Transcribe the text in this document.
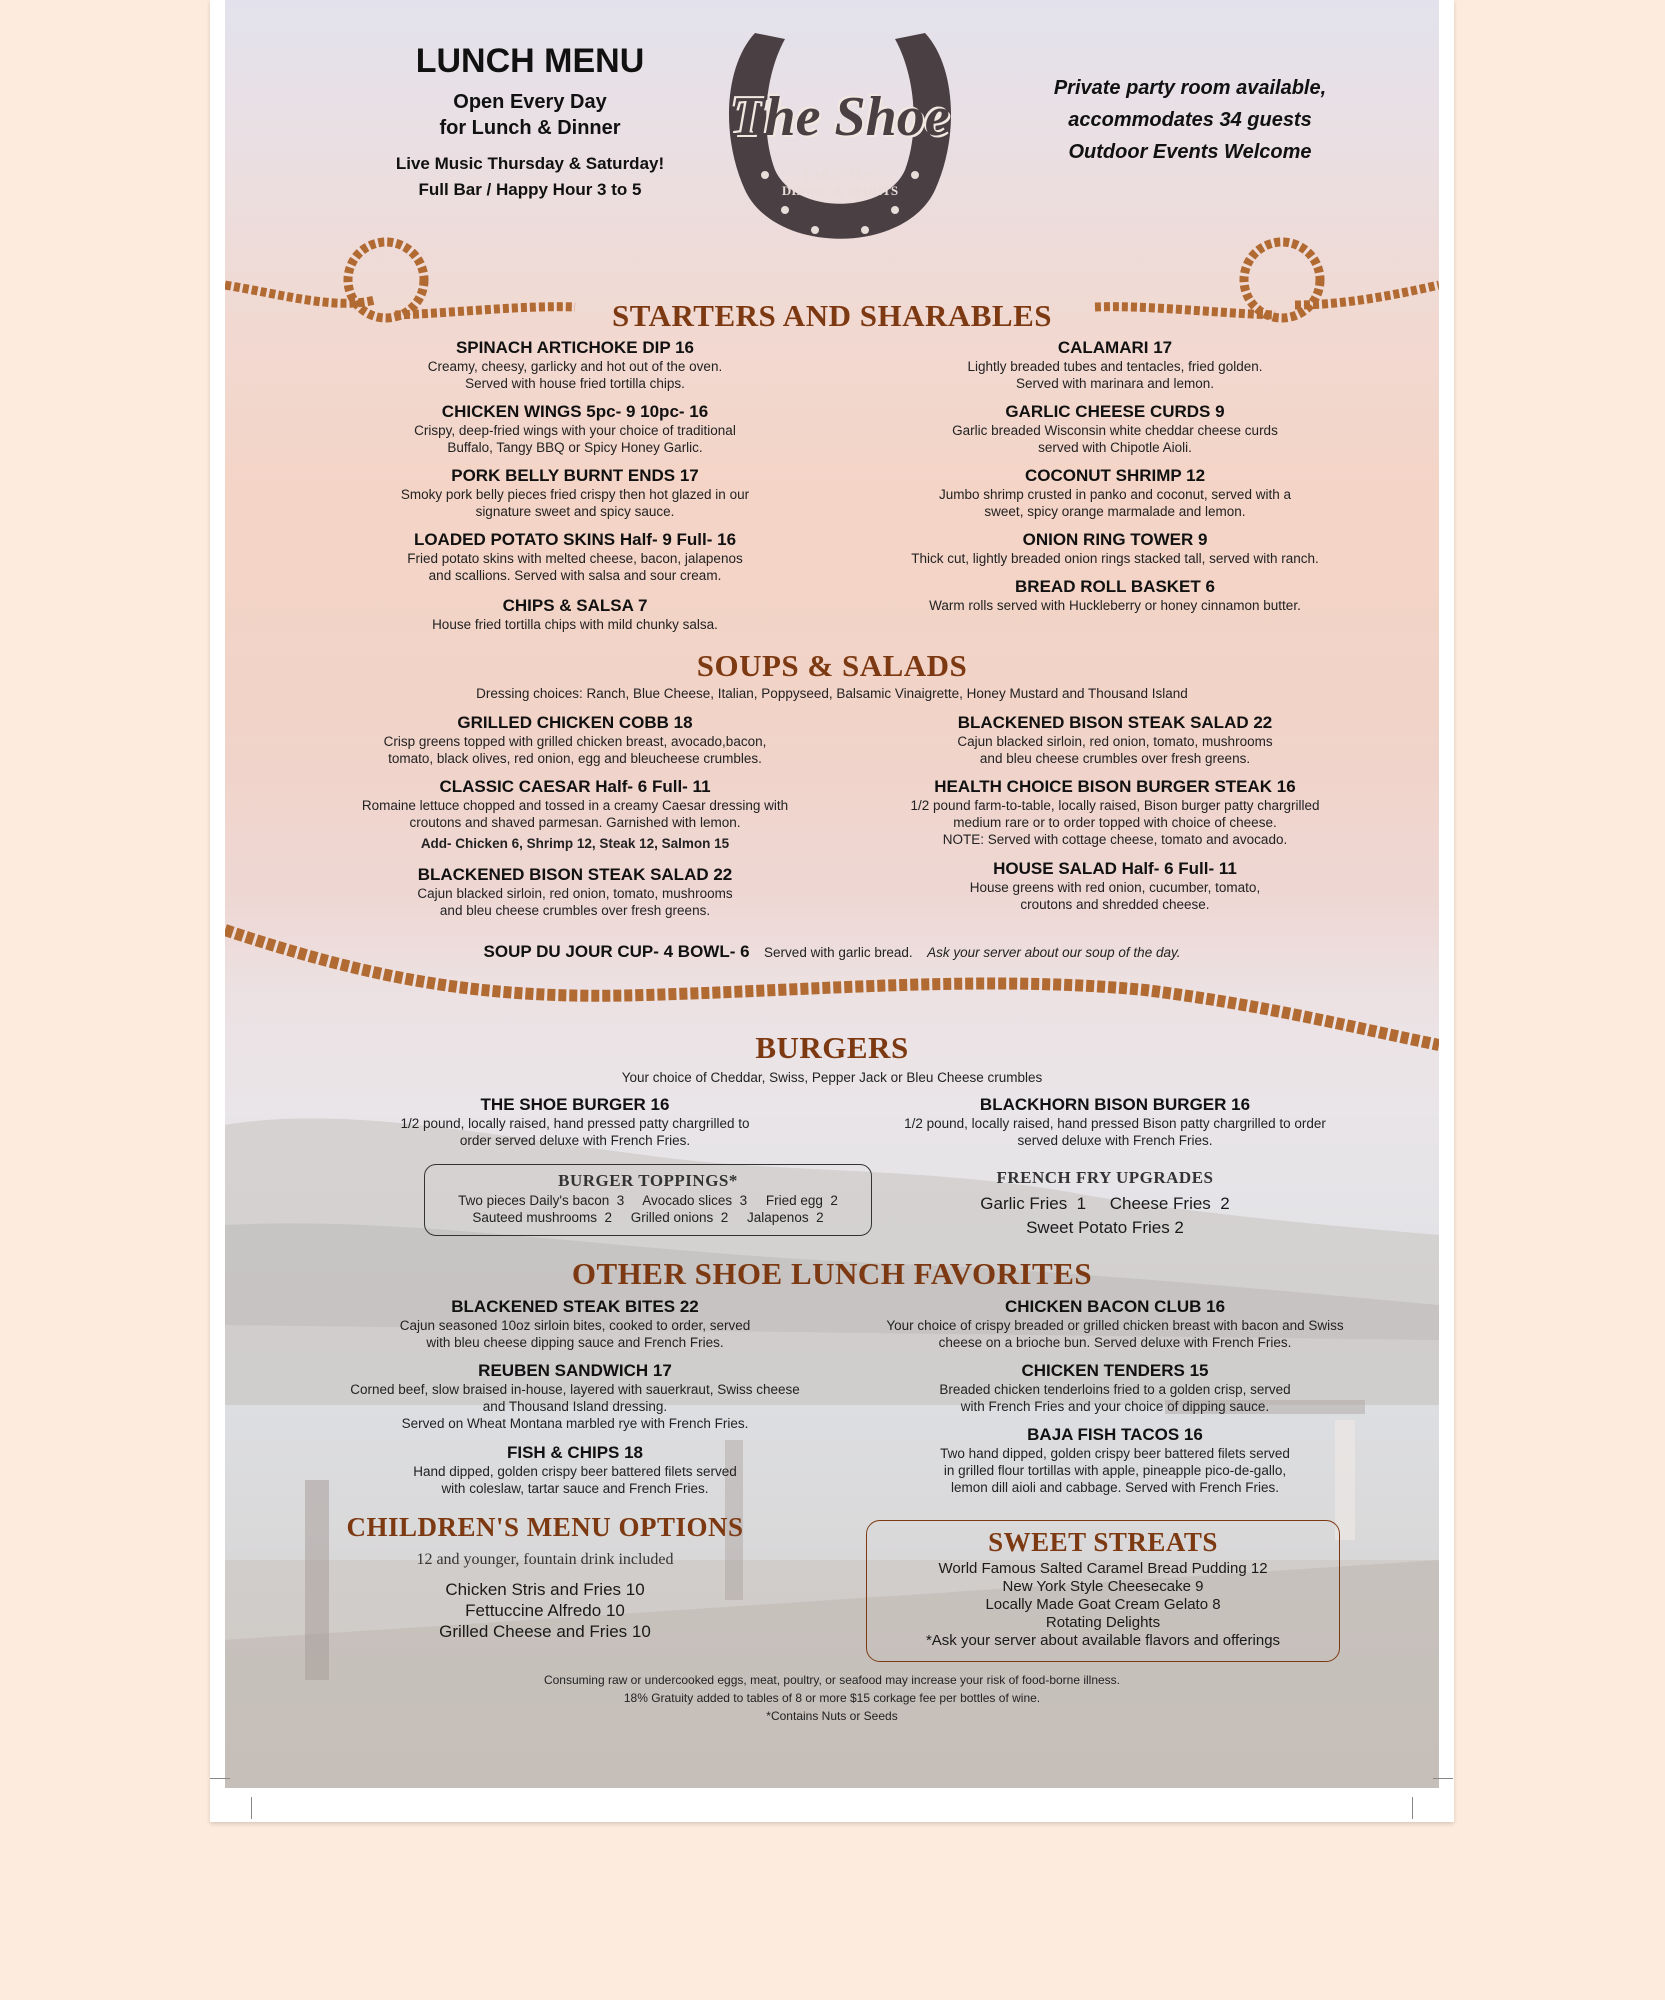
LUNCH MENU
Open Every Day
for Lunch & Dinner
Live Music Thursday & Saturday!
Full Bar / Happy Hour 3 to 5
The Shoe
LAKEVIEW
DINING & SPIRITS
Private party room available,
accommodates 34 guests
Outdoor Events Welcome
STARTERS AND SHARABLES
SPINACH ARTICHOKE DIP 16
Creamy, cheesy, garlicky and hot out of the oven.
Served with house fried tortilla chips.
CHICKEN WINGS 5pc- 9 10pc- 16
Crispy, deep-fried wings with your choice of traditional
Buffalo, Tangy BBQ or Spicy Honey Garlic.
PORK BELLY BURNT ENDS 17
Smoky pork belly pieces fried crispy then hot glazed in our
signature sweet and spicy sauce.
LOADED POTATO SKINS Half- 9 Full- 16
Fried potato skins with melted cheese, bacon, jalapenos
and scallions. Served with salsa and sour cream.
CHIPS & SALSA 7
House fried tortilla chips with mild chunky salsa.
CALAMARI 17
Lightly breaded tubes and tentacles, fried golden.
Served with marinara and lemon.
GARLIC CHEESE CURDS 9
Garlic breaded Wisconsin white cheddar cheese curds
served with Chipotle Aioli.
COCONUT SHRIMP 12
Jumbo shrimp crusted in panko and coconut, served with a
sweet, spicy orange marmalade and lemon.
ONION RING TOWER 9
Thick cut, lightly breaded onion rings stacked tall, served with ranch.
BREAD ROLL BASKET 6
Warm rolls served with Huckleberry or honey cinnamon butter.
SOUPS & SALADS
Dressing choices: Ranch, Blue Cheese, Italian, Poppyseed, Balsamic Vinaigrette, Honey Mustard and Thousand Island
GRILLED CHICKEN COBB 18
Crisp greens topped with grilled chicken breast, avocado,bacon,
tomato, black olives, red onion, egg and bleucheese crumbles.
CLASSIC CAESAR Half- 6 Full- 11
Romaine lettuce chopped and tossed in a creamy Caesar dressing with
croutons and shaved parmesan. Garnished with lemon.
Add- Chicken 6, Shrimp 12, Steak 12, Salmon 15
BLACKENED BISON STEAK SALAD 22
Cajun blacked sirloin, red onion, tomato, mushrooms
and bleu cheese crumbles over fresh greens.
BLACKENED BISON STEAK SALAD 22
Cajun blacked sirloin, red onion, tomato, mushrooms
and bleu cheese crumbles over fresh greens.
HEALTH CHOICE BISON BURGER STEAK 16
1/2 pound farm-to-table, locally raised, Bison burger patty chargrilled
medium rare or to order topped with choice of cheese.
NOTE: Served with cottage cheese, tomato and avocado.
HOUSE SALAD Half- 6 Full- 11
House greens with red onion, cucumber, tomato,
croutons and shredded cheese.
SOUP DU JOUR CUP- 4 BOWL- 6 Served with garlic bread. Ask your server about our soup of the day.
BURGERS
Your choice of Cheddar, Swiss, Pepper Jack or Bleu Cheese crumbles
THE SHOE BURGER 16
1/2 pound, locally raised, hand pressed patty chargrilled to
order served deluxe with French Fries.
BLACKHORN BISON BURGER 16
1/2 pound, locally raised, hand pressed Bison patty chargrilled to order
served deluxe with French Fries.
BURGER TOPPINGS*
Two pieces Daily's bacon  3     Avocado slices  3     Fried egg  2
Sauteed mushrooms  2     Grilled onions  2     Jalapenos  2
FRENCH FRY UPGRADES
Garlic Fries  1     Cheese Fries  2
Sweet Potato Fries 2
OTHER SHOE LUNCH FAVORITES
BLACKENED STEAK BITES 22
Cajun seasoned 10oz sirloin bites, cooked to order, served
with bleu cheese dipping sauce and French Fries.
REUBEN SANDWICH 17
Corned beef, slow braised in-house, layered with sauerkraut, Swiss cheese
and Thousand Island dressing.
Served on Wheat Montana marbled rye with French Fries.
FISH & CHIPS 18
Hand dipped, golden crispy beer battered filets served
with coleslaw, tartar sauce and French Fries.
CHICKEN BACON CLUB 16
Your choice of crispy breaded or grilled chicken breast with bacon and Swiss
cheese on a brioche bun. Served deluxe with French Fries.
CHICKEN TENDERS 15
Breaded chicken tenderloins fried to a golden crisp, served
with French Fries and your choice of dipping sauce.
BAJA FISH TACOS 16
Two hand dipped, golden crispy beer battered filets served
in grilled flour tortillas with apple, pineapple pico-de-gallo,
lemon dill aioli and cabbage. Served with French Fries.
CHILDREN'S MENU OPTIONS
12 and younger, fountain drink included
Chicken Stris and Fries 10
Fettuccine Alfredo 10
Grilled Cheese and Fries 10
SWEET STREATS
World Famous Salted Caramel Bread Pudding 12
New York Style Cheesecake 9
Locally Made Goat Cream Gelato 8
Rotating Delights
*Ask your server about available flavors and offerings
Consuming raw or undercooked eggs, meat, poultry, or seafood may increase your risk of food-borne illness.
18% Gratuity added to tables of 8 or more $15 corkage fee per bottles of wine.
*Contains Nuts or Seeds
